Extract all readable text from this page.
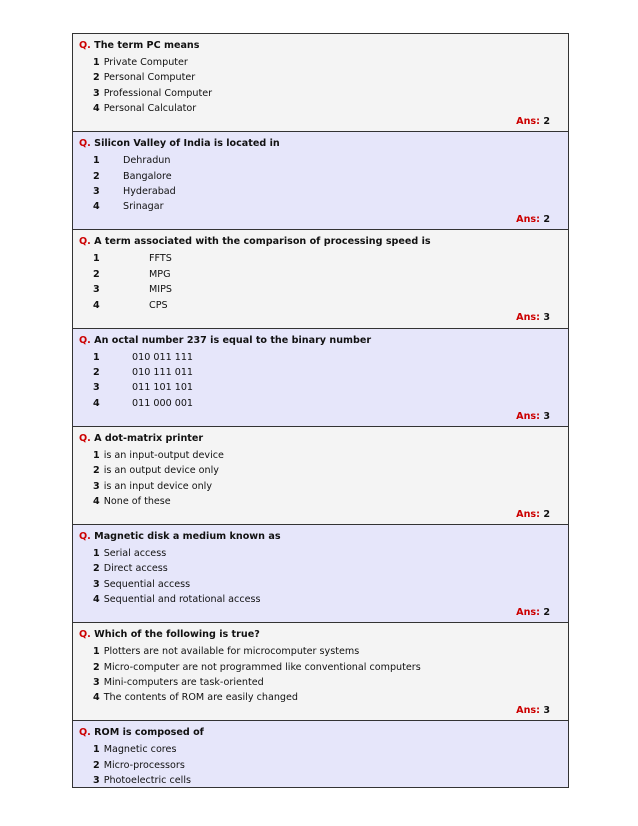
Q. The term PC means
1 Private Computer
2 Personal Computer
3 Professional Computer
4 Personal Calculator
Ans: 2
Q. Silicon Valley of India is located in
1 Dehradun
2 Bangalore
3 Hyderabad
4 Srinagar
Ans: 2
Q. A term associated with the comparison of processing speed is
1	FFTS
2	MPG
3	MIPS
4	CPS
Ans: 3
Q. An octal number 237 is equal to the binary number
1	010 011 111
2	010 111 011
3	011 101 101
4	011 000 001
Ans: 3
Q. A dot-matrix printer
1 is an input-output device
2 is an output device only
3 is an input device only
4 None of these
Ans: 2
Q. Magnetic disk a medium known as
1 Serial access
2 Direct access
3 Sequential access
4 Sequential and rotational access
Ans: 2
Q. Which of the following is true?
1 Plotters are not available for microcomputer systems
2 Micro-computer are not programmed like conventional computers
3 Mini-computers are task-oriented
4 The contents of ROM are easily changed
Ans: 3
Q. ROM is composed of
1 Magnetic cores
2 Micro-processors
3 Photoelectric cells
